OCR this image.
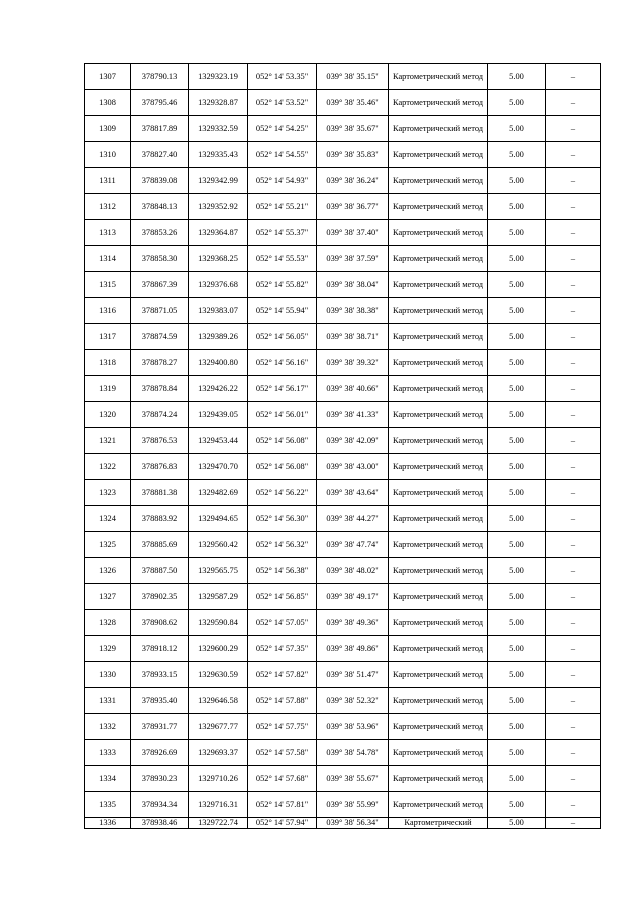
1307	378790.13	1329323.19	052° 14' 53.35"	039° 38' 35.15"	Картометрический метод	5.00	–
1308	378795.46	1329328.87	052° 14' 53.52"	039° 38' 35.46"	Картометрический метод	5.00	–
1309	378817.89	1329332.59	052° 14' 54.25"	039° 38' 35.67"	Картометрический метод	5.00	–
1310	378827.40	1329335.43	052° 14' 54.55"	039° 38' 35.83"	Картометрический метод	5.00	–
1311	378839.08	1329342.99	052° 14' 54.93"	039° 38' 36.24"	Картометрический метод	5.00	–
1312	378848.13	1329352.92	052° 14' 55.21"	039° 38' 36.77"	Картометрический метод	5.00	–
1313	378853.26	1329364.87	052° 14' 55.37"	039° 38' 37.40"	Картометрический метод	5.00	–
1314	378858.30	1329368.25	052° 14' 55.53"	039° 38' 37.59"	Картометрический метод	5.00	–
1315	378867.39	1329376.68	052° 14' 55.82"	039° 38' 38.04"	Картометрический метод	5.00	–
1316	378871.05	1329383.07	052° 14' 55.94"	039° 38' 38.38"	Картометрический метод	5.00	–
1317	378874.59	1329389.26	052° 14' 56.05"	039° 38' 38.71"	Картометрический метод	5.00	–
1318	378878.27	1329400.80	052° 14' 56.16"	039° 38' 39.32"	Картометрический метод	5.00	–
1319	378878.84	1329426.22	052° 14' 56.17"	039° 38' 40.66"	Картометрический метод	5.00	–
1320	378874.24	1329439.05	052° 14' 56.01"	039° 38' 41.33"	Картометрический метод	5.00	–
1321	378876.53	1329453.44	052° 14' 56.08"	039° 38' 42.09"	Картометрический метод	5.00	–
1322	378876.83	1329470.70	052° 14' 56.08"	039° 38' 43.00"	Картометрический метод	5.00	–
1323	378881.38	1329482.69	052° 14' 56.22"	039° 38' 43.64"	Картометрический метод	5.00	–
1324	378883.92	1329494.65	052° 14' 56.30"	039° 38' 44.27"	Картометрический метод	5.00	–
1325	378885.69	1329560.42	052° 14' 56.32"	039° 38' 47.74"	Картометрический метод	5.00	–
1326	378887.50	1329565.75	052° 14' 56.38"	039° 38' 48.02"	Картометрический метод	5.00	–
1327	378902.35	1329587.29	052° 14' 56.85"	039° 38' 49.17"	Картометрический метод	5.00	–
1328	378908.62	1329590.84	052° 14' 57.05"	039° 38' 49.36"	Картометрический метод	5.00	–
1329	378918.12	1329600.29	052° 14' 57.35"	039° 38' 49.86"	Картометрический метод	5.00	–
1330	378933.15	1329630.59	052° 14' 57.82"	039° 38' 51.47"	Картометрический метод	5.00	–
1331	378935.40	1329646.58	052° 14' 57.88"	039° 38' 52.32"	Картометрический метод	5.00	–
1332	378931.77	1329677.77	052° 14' 57.75"	039° 38' 53.96"	Картометрический метод	5.00	–
1333	378926.69	1329693.37	052° 14' 57.58"	039° 38' 54.78"	Картометрический метод	5.00	–
1334	378930.23	1329710.26	052° 14' 57.68"	039° 38' 55.67"	Картометрический метод	5.00	–
1335	378934.34	1329716.31	052° 14' 57.81"	039° 38' 55.99"	Картометрический метод	5.00	–
1336	378938.46	1329722.74	052° 14' 57.94"	039° 38' 56.34"	Картометрический	5.00	–
